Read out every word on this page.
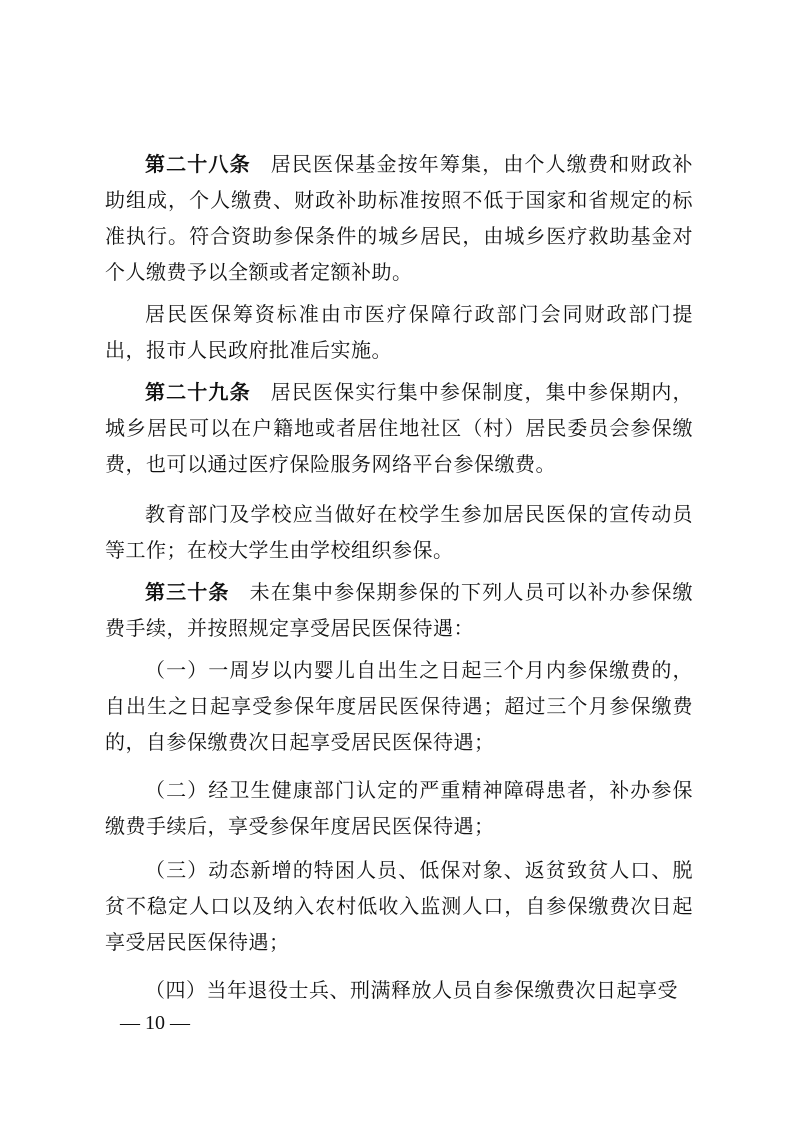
第二十八条 居民医保基金按年筹集，由个人缴费和财政补助组成，个人缴费、财政补助标准按照不低于国家和省规定的标准执行。符合资助参保条件的城乡居民，由城乡医疗救助基金对个人缴费予以全额或者定额补助。

居民医保筹资标准由市医疗保障行政部门会同财政部门提出，报市人民政府批准后实施。

第二十九条 居民医保实行集中参保制度，集中参保期内，城乡居民可以在户籍地或者居住地社区（村）居民委员会参保缴费，也可以通过医疗保险服务网络平台参保缴费。

教育部门及学校应当做好在校学生参加居民医保的宣传动员等工作；在校大学生由学校组织参保。

第三十条 未在集中参保期参保的下列人员可以补办参保缴费手续，并按照规定享受居民医保待遇：

（一）一周岁以内婴儿自出生之日起三个月内参保缴费的，自出生之日起享受参保年度居民医保待遇；超过三个月参保缴费的，自参保缴费次日起享受居民医保待遇；

（二）经卫生健康部门认定的严重精神障碍患者，补办参保缴费手续后，享受参保年度居民医保待遇；

（三）动态新增的特困人员、低保对象、返贫致贫人口、脱贫不稳定人口以及纳入农村低收入监测人口，自参保缴费次日起享受居民医保待遇；

（四）当年退役士兵、刑满释放人员自参保缴费次日起享受

— 10 —
